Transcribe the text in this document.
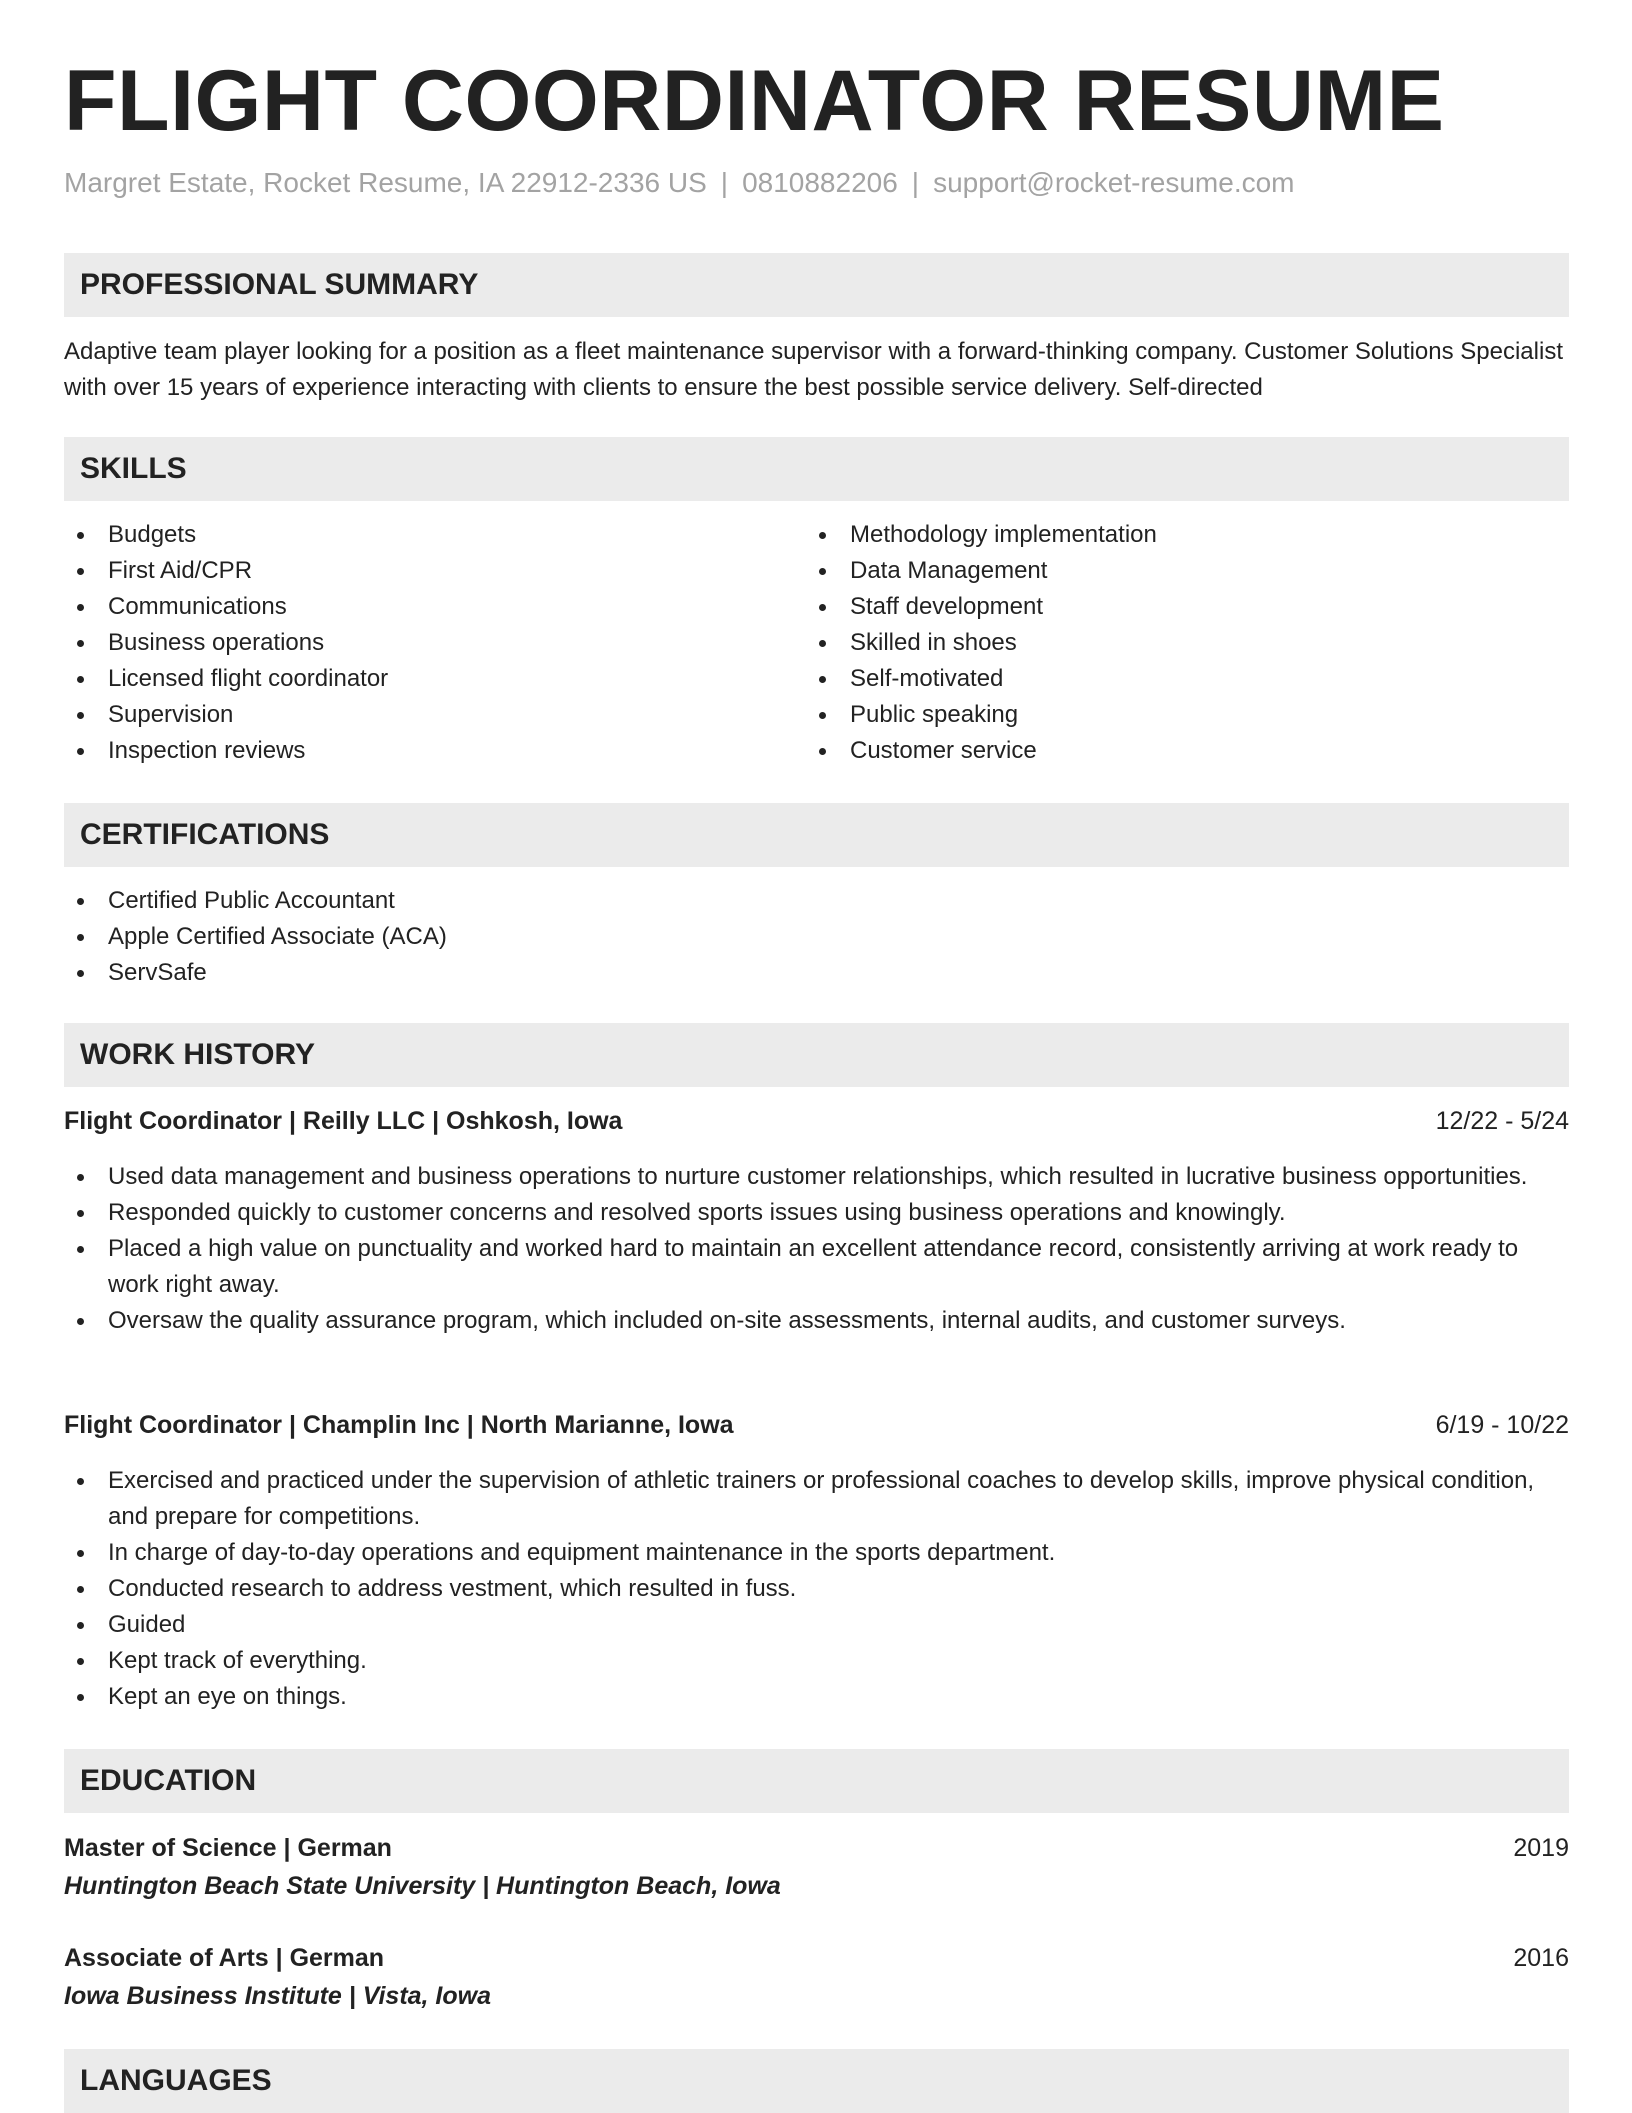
FLIGHT COORDINATOR RESUME
Margret Estate, Rocket Resume, IA 22912-2336 US | 0810882206 | support@rocket-resume.com
PROFESSIONAL SUMMARY

Adaptive team player looking for a position as a fleet maintenance supervisor with a forward-thinking company. Customer Solutions Specialist with over 15 years of experience interacting with clients to ensure the best possible service delivery. Self-directed

SKILLS
Budgets
First Aid/CPR
Communications
Business operations
Licensed flight coordinator
Supervision
Inspection reviews
Methodology implementation
Data Management
Staff development
Skilled in shoes
Self-motivated
Public speaking
Customer service
CERTIFICATIONS
Certified Public Accountant
Apple Certified Associate (ACA)
ServSafe
WORK HISTORY
Flight Coordinator | Reilly LLC | Oshkosh, Iowa	12/22 - 5/24
Used data management and business operations to nurture customer relationships, which resulted in lucrative business opportunities.
Responded quickly to customer concerns and resolved sports issues using business operations and knowingly.
Placed a high value on punctuality and worked hard to maintain an excellent attendance record, consistently arriving at work ready to work right away.
Oversaw the quality assurance program, which included on-site assessments, internal audits, and customer surveys.
Flight Coordinator | Champlin Inc | North Marianne, Iowa	6/19 - 10/22
Exercised and practiced under the supervision of athletic trainers or professional coaches to develop skills, improve physical condition, and prepare for competitions.
In charge of day-to-day operations and equipment maintenance in the sports department.
Conducted research to address vestment, which resulted in fuss.
Guided
Kept track of everything.
Kept an eye on things.
EDUCATION
Master of Science | German	2019
Huntington Beach State University | Huntington Beach, Iowa
Associate of Arts | German	2016
Iowa Business Institute | Vista, Iowa
LANGUAGES
